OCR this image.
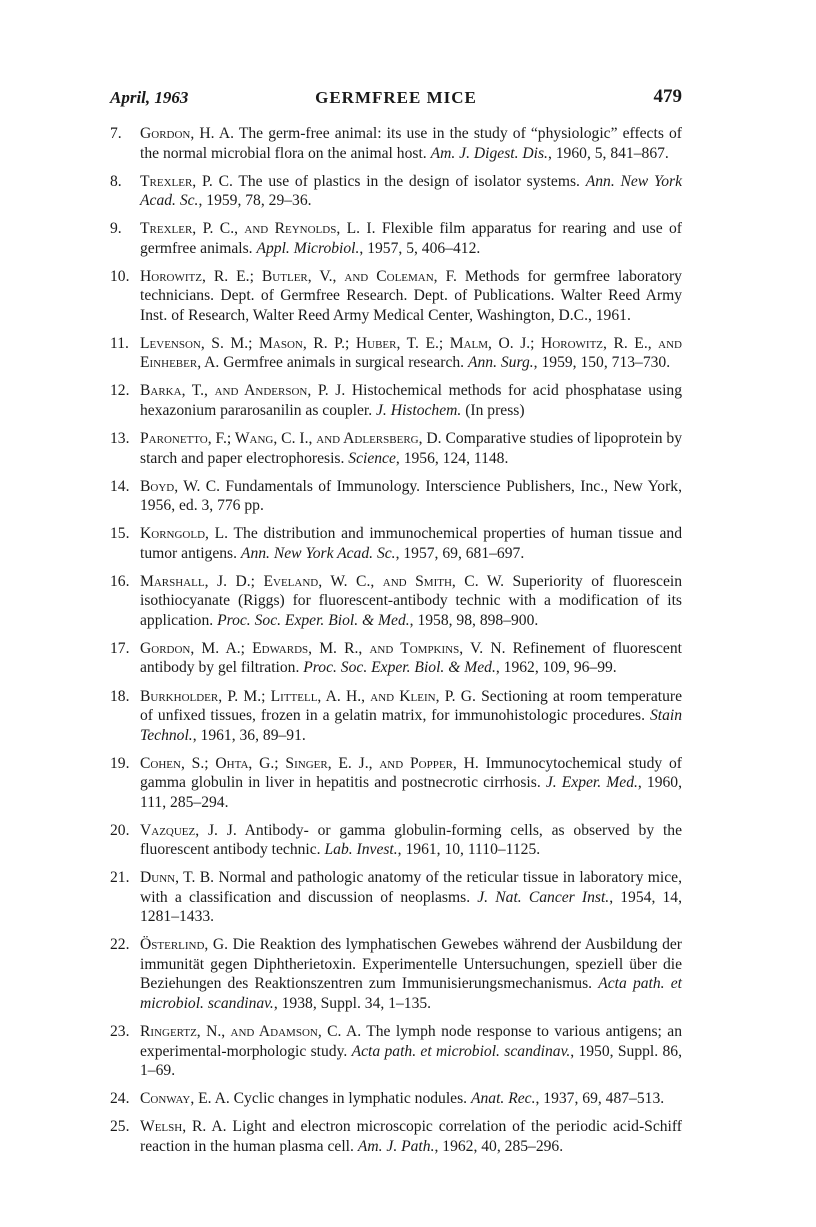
April, 1963	GERMFREE MICE	479
7.	Gordon, H. A. The germ-free animal: its use in the study of “physiologic” effects of the normal microbial flora on the animal host. Am. J. Digest. Dis., 1960, 5, 841–867.
8.	Trexler, P. C. The use of plastics in the design of isolator systems. Ann. New York Acad. Sc., 1959, 78, 29–36.
9.	Trexler, P. C., and Reynolds, L. I. Flexible film apparatus for rearing and use of germfree animals. Appl. Microbiol., 1957, 5, 406–412.
10. Horowitz, R. E.; Butler, V., and Coleman, F. Methods for germfree laboratory technicians. Dept. of Germfree Research. Dept. of Publications. Walter Reed Army Inst. of Research, Walter Reed Army Medical Center, Washington, D.C., 1961.
11. Levenson, S. M.; Mason, R. P.; Huber, T. E.; Malm, O. J.; Horowitz, R. E., and Einheber, A. Germfree animals in surgical research. Ann. Surg., 1959, 150, 713–730.
12. Barka, T., and Anderson, P. J. Histochemical methods for acid phosphatase using hexazonium pararosanilin as coupler. J. Histochem. (In press)
13. Paronetto, F.; Wang, C. I., and Adlersberg, D. Comparative studies of lipoprotein by starch and paper electrophoresis. Science, 1956, 124, 1148.
14. Boyd, W. C. Fundamentals of Immunology. Interscience Publishers, Inc., New York, 1956, ed. 3, 776 pp.
15. Korngold, L. The distribution and immunochemical properties of human tissue and tumor antigens. Ann. New York Acad. Sc., 1957, 69, 681–697.
16. Marshall, J. D.; Eveland, W. C., and Smith, C. W. Superiority of fluorescein isothiocyanate (Riggs) for fluorescent-antibody technic with a modification of its application. Proc. Soc. Exper. Biol. & Med., 1958, 98, 898–900.
17. Gordon, M. A.; Edwards, M. R., and Tompkins, V. N. Refinement of fluorescent antibody by gel filtration. Proc. Soc. Exper. Biol. & Med., 1962, 109, 96–99.
18. Burkholder, P. M.; Littell, A. H., and Klein, P. G. Sectioning at room temperature of unfixed tissues, frozen in a gelatin matrix, for immunohistologic procedures. Stain Technol., 1961, 36, 89–91.
19. Cohen, S.; Ohta, G.; Singer, E. J., and Popper, H. Immunocytochemical study of gamma globulin in liver in hepatitis and postnecrotic cirrhosis. J. Exper. Med., 1960, 111, 285–294.
20. Vazquez, J. J. Antibody- or gamma globulin-forming cells, as observed by the fluorescent antibody technic. Lab. Invest., 1961, 10, 1110–1125.
21. Dunn, T. B. Normal and pathologic anatomy of the reticular tissue in laboratory mice, with a classification and discussion of neoplasms. J. Nat. Cancer Inst., 1954, 14, 1281–1433.
22. Österlind, G. Die Reaktion des lymphatischen Gewebes während der Ausbildung der immunität gegen Diphtherietoxin. Experimentelle Untersuchungen, speziell über die Beziehungen des Reaktionszentren zum Immunisierungsmechanismus. Acta path. et microbiol. scandinav., 1938, Suppl. 34, 1–135.
23. Ringertz, N., and Adamson, C. A. The lymph node response to various antigens; an experimental-morphologic study. Acta path. et microbiol. scandinav., 1950, Suppl. 86, 1–69.
24. Conway, E. A. Cyclic changes in lymphatic nodules. Anat. Rec., 1937, 69, 487–513.
25. Welsh, R. A. Light and electron microscopic correlation of the periodic acid-Schiff reaction in the human plasma cell. Am. J. Path., 1962, 40, 285–296.
